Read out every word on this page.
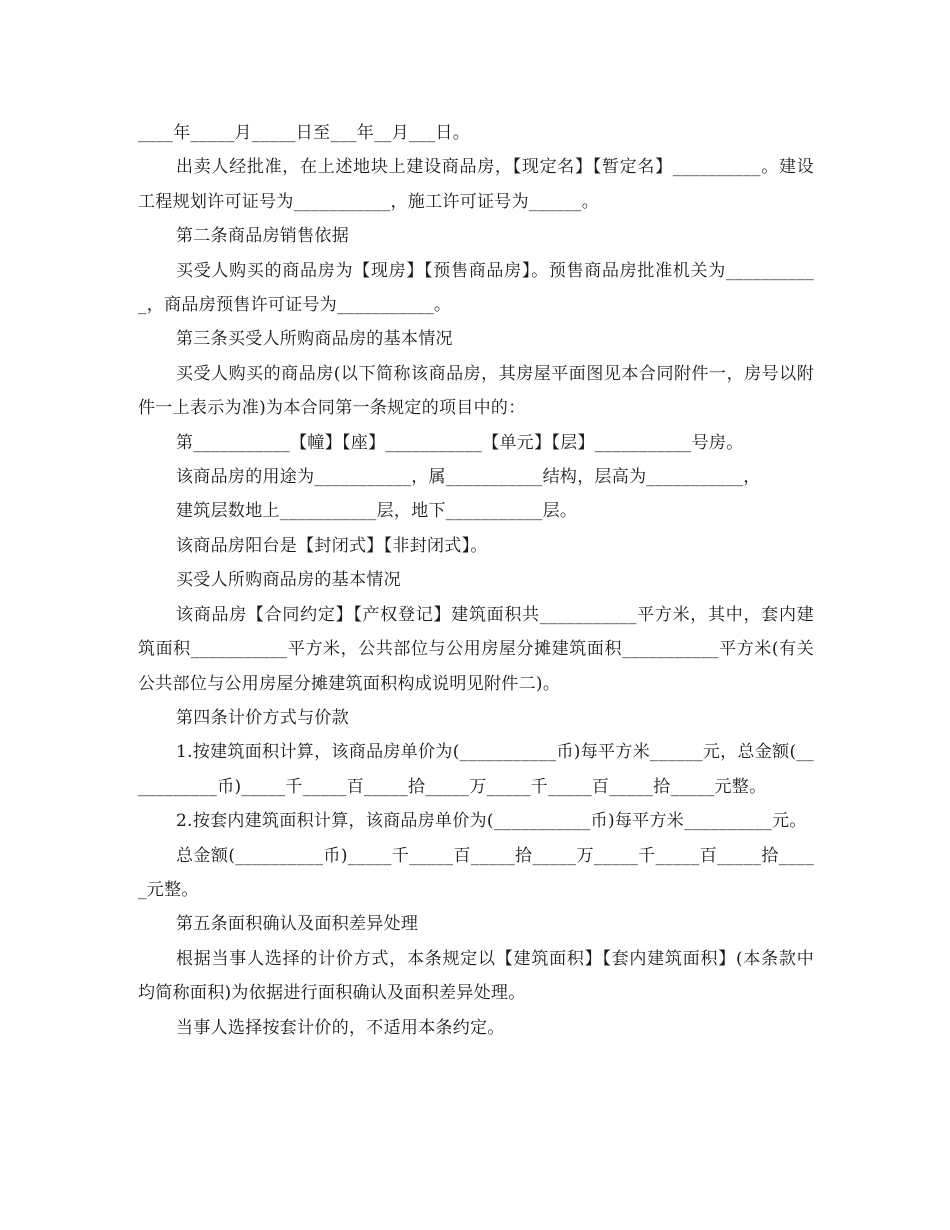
____年_____月_____日至___年__月___日。

出卖人经批准，在上述地块上建设商品房，【现定名】【暂定名】__________。建设工程规划许可证号为___________，施工许可证号为______。

第二条商品房销售依据

买受人购买的商品房为【现房】【预售商品房】。预售商品房批准机关为___________，商品房预售许可证号为___________。

第三条买受人所购商品房的基本情况

买受人购买的商品房(以下简称该商品房，其房屋平面图见本合同附件一，房号以附件一上表示为准)为本合同第一条规定的项目中的：

第___________【幢】【座】___________【单元】【层】___________号房。

该商品房的用途为___________，属___________结构，层高为___________，

建筑层数地上___________层，地下___________层。

该商品房阳台是【封闭式】【非封闭式】。

买受人所购商品房的基本情况

该商品房【合同约定】【产权登记】建筑面积共___________平方米，其中，套内建筑面积___________平方米，公共部位与公用房屋分摊建筑面积___________平方米(有关公共部位与公用房屋分摊建筑面积构成说明见附件二)。

第四条计价方式与价款

1.按建筑面积计算，该商品房单价为(___________币)每平方米______元，总金额(___________币)_____千_____百_____拾_____万_____千_____百_____拾_____元整。

2.按套内建筑面积计算，该商品房单价为(___________币)每平方米__________元。

总金额(__________币)_____千_____百_____拾_____万_____千_____百_____拾_____元整。

第五条面积确认及面积差异处理

根据当事人选择的计价方式，本条规定以【建筑面积】【套内建筑面积】(本条款中均简称面积)为依据进行面积确认及面积差异处理。

当事人选择按套计价的，不适用本条约定。
